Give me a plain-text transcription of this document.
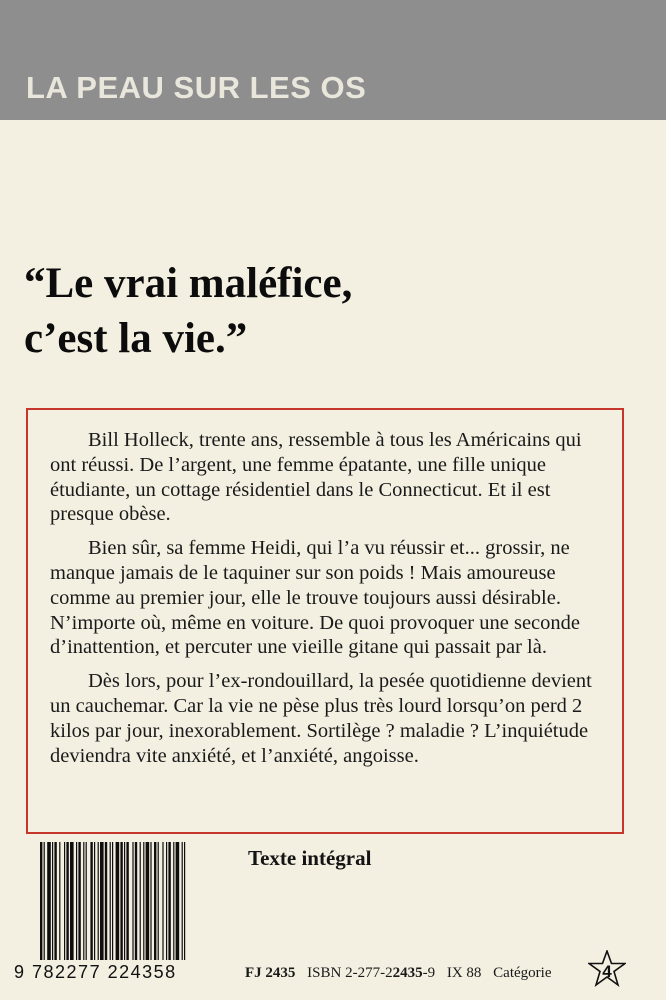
LA PEAU SUR LES OS
“Le vrai maléfice,
c’est la vie.”

Bill Holleck, trente ans, ressemble à tous les Américains qui ont réussi. De l’argent, une femme épatante, une fille unique étudiante, un cottage résidentiel dans le Connecticut. Et il est presque obèse.

Bien sûr, sa femme Heidi, qui l’a vu réussir et... grossir, ne manque jamais de le taquiner sur son poids ! Mais amoureuse comme au premier jour, elle le trouve toujours aussi désirable. N’importe où, même en voiture. De quoi provoquer une seconde d’inattention, et percuter une vieille gitane qui passait par là.

Dès lors, pour l’ex-rondouillard, la pesée quotidienne devient un cauchemar. Car la vie ne pèse plus très lourd lorsqu’on perd 2 kilos par jour, inexorablement. Sortilège ? maladie ? L’inquiétude deviendra vite anxiété, et l’anxiété, angoisse.

9 782277 224358
Texte intégral
FJ 2435 ISBN 2-277-22435-9 IX 88 Catégorie	4
